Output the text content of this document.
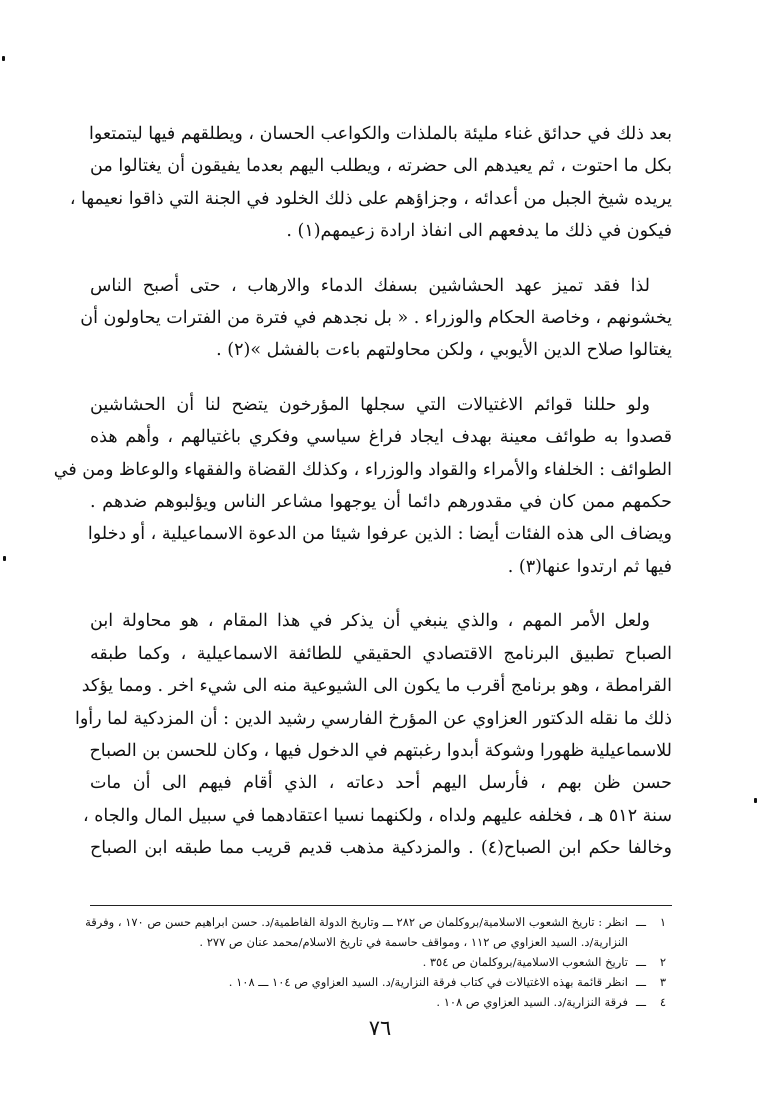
بعد ذلك في حدائق غناء مليئة بالملذات والكواعب الحسان ، ويطلقهم فيها ليتمتعوا
بكل ما احتوت ، ثم يعيدهم الى حضرته ، ويطلب اليهم بعدما يفيقون أن يغتالوا من
يريده شيخ الجبل من أعدائه ، وجزاؤهم على ذلك الخلود في الجنة التي ذاقوا نعيمها ،
فيكون في ذلك ما يدفعهم الى انفاذ ارادة زعيمهم(١) .

لذا فقد تميز عهد الحشاشين بسفك الدماء والارهاب ، حتى أصبح الناس
يخشونهم ، وخاصة الحكام والوزراء . « بل نجدهم في فترة من الفترات يحاولون أن
يغتالوا صلاح الدين الأيوبي ، ولكن محاولتهم باءت بالفشل »(٢) .

ولو حللنا قوائم الاغتيالات التي سجلها المؤرخون يتضح لنا أن الحشاشين
قصدوا به طوائف معينة بهدف ايجاد فراغ سياسي وفكري باغتيالهم ، وأهم هذه
الطوائف : الخلفاء والأمراء والقواد والوزراء ، وكذلك القضاة والفقهاء والوعاظ ومن في
حكمهم ممن كان في مقدورهم دائما أن يوجهوا مشاعر الناس ويؤلبوهم ضدهم .
ويضاف الى هذه الفئات أيضا : الذين عرفوا شيئا من الدعوة الاسماعيلية ، أو دخلوا
فيها ثم ارتدوا عنها(٣) .

ولعل الأمر المهم ، والذي ينبغي أن يذكر في هذا المقام ، هو محاولة ابن
الصباح تطبيق البرنامج الاقتصادي الحقيقي للطائفة الاسماعيلية ، وكما طبقه
القرامطة ، وهو برنامج أقرب ما يكون الى الشيوعية منه الى شيء اخر . ومما يؤكد
ذلك ما نقله الدكتور العزاوي عن المؤرخ الفارسي رشيد الدين : أن المزدكية لما رأوا
للاسماعيلية ظهورا وشوكة أبدوا رغبتهم في الدخول فيها ، وكان للحسن بن الصباح
حسن ظن بهم ، فأرسل اليهم أحد دعاته ، الذي أقام فيهم الى أن مات
سنة ٥١٢ هـ ، فخلفه عليهم ولداه ، ولكنهما نسيا اعتقادهما في سبيل المال والجاه ،
وخالفا حكم ابن الصباح(٤) . والمزدكية مذهب قديم قريب مما طبقه ابن الصباح

١
ـــ
انظر : تاريخ الشعوب الاسلامية/بروكلمان ص ٢٨٢ ـــ وتاريخ الدولة الفاطمية/د. حسن ابراهيم حسن ص ١٧٠ ، وفرقة
النزارية/د. السيد العزاوي ص ١١٢ ، ومواقف حاسمة في تاريخ الاسلام/محمد عنان ص ٢٧٧ .
٢
ـــ
تاريخ الشعوب الاسلامية/بروكلمان ص ٣٥٤ .
٣
ـــ
انظر قائمة بهذه الاغتيالات في كتاب فرقة النزارية/د. السيد العزاوي ص ١٠٤ ـــ ١٠٨ .
٤
ـــ
فرقة النزارية/د. السيد العزاوي ص ١٠٨ .
٧٦
